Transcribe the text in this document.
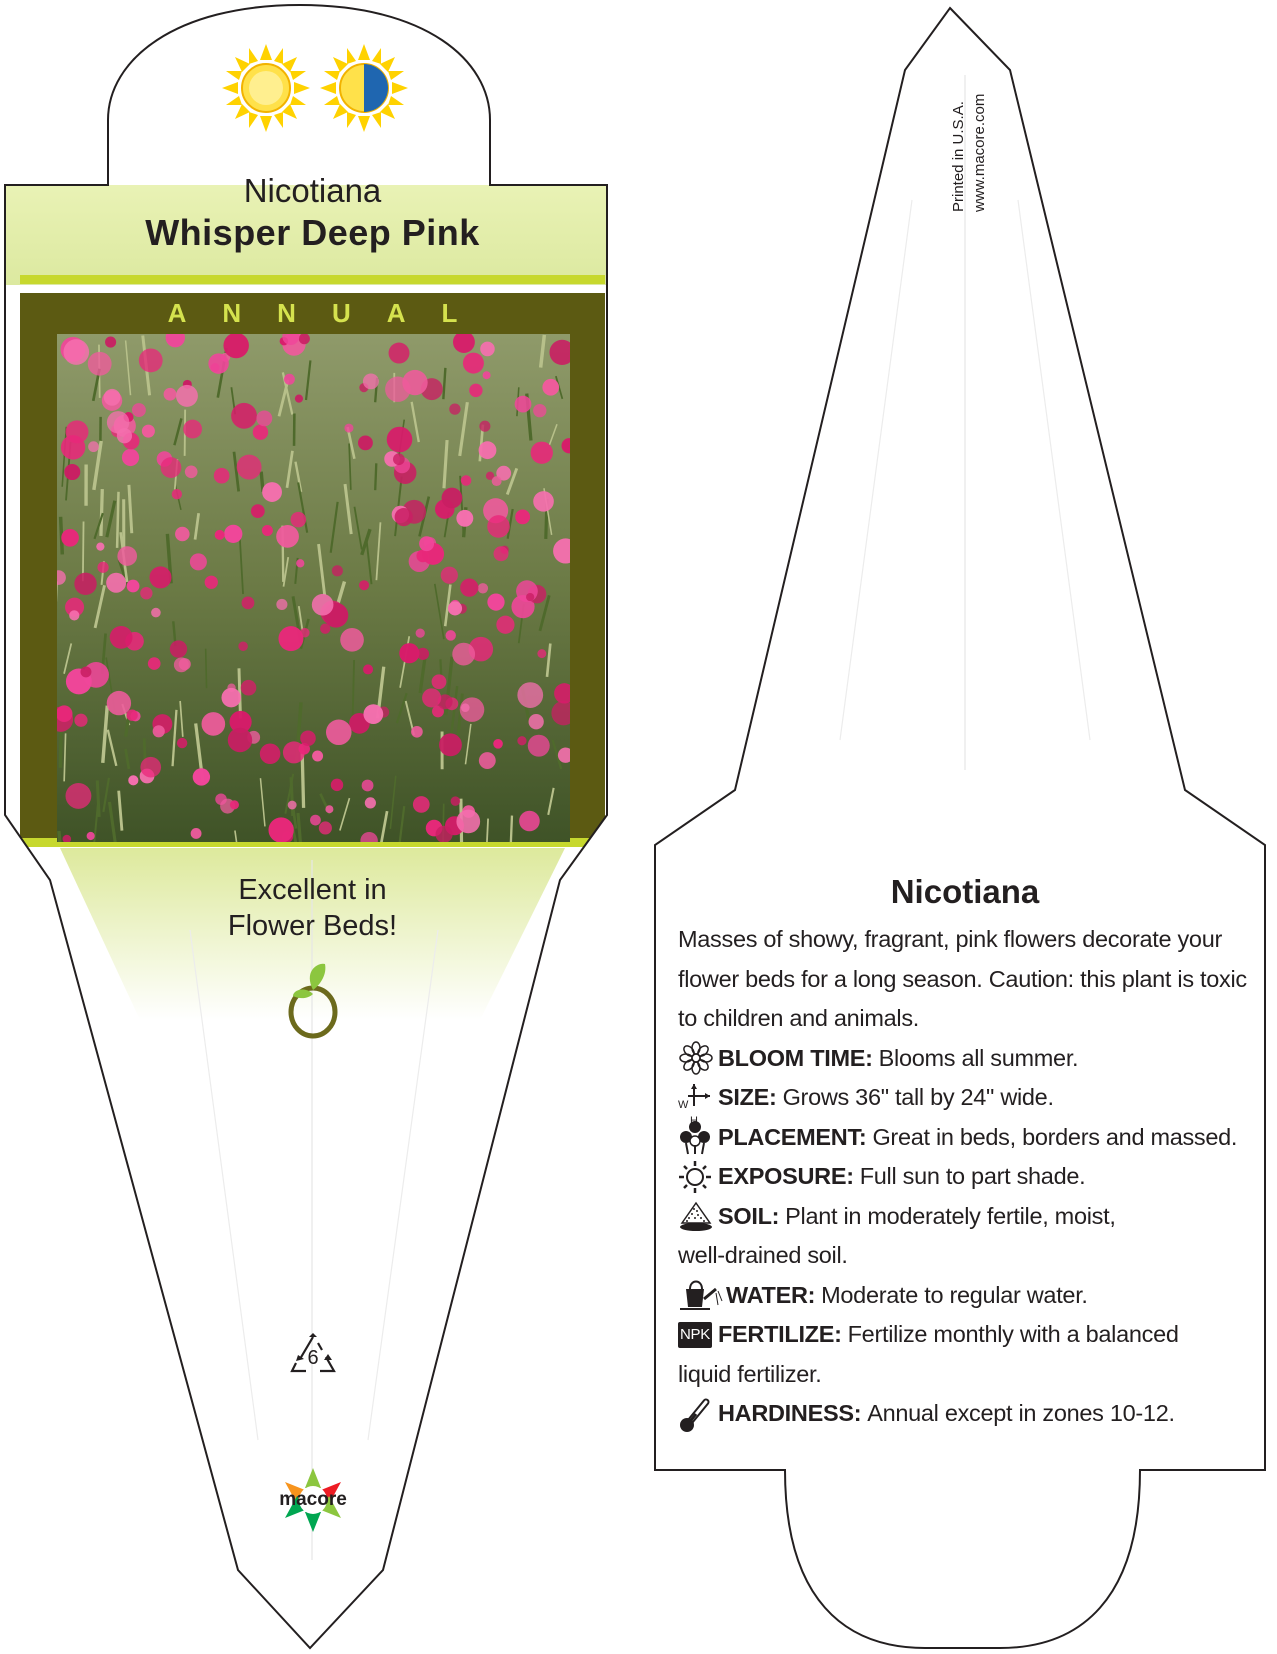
Nicotiana
Whisper Deep Pink
ANNUAL
Excellent in
Flower Beds!
6
macore
Printed in U.S.A. www.macore.com
Nicotiana
Masses of showy, fragrant, pink flowers decorate your flower beds for a long season. Caution: this plant is toxic to children and animals.
BLOOM TIME: Blooms all summer.
W
H
SIZE: Grows 36" tall by 24" wide.
PLACEMENT: Great in beds, borders and massed.
EXPOSURE: Full sun to part shade.
SOIL: Plant in moderately fertile, moist,
well-drained soil.
WATER: Moderate to regular water.
NPK FERTILIZE: Fertilize monthly with a balanced
liquid fertilizer.
HARDINESS: Annual except in zones 10-12.
